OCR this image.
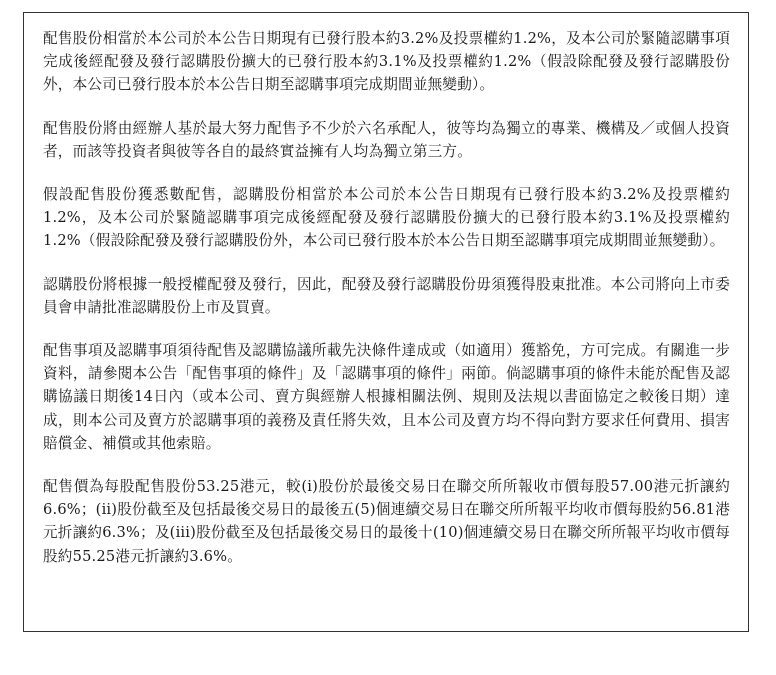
配售股份相當於本公司於本公告日期現有已發行股本約3.2%及投票權約1.2%，及本公司於緊隨認購事項完成後經配發及發行認購股份擴大的已發行股本約3.1%及投票權約1.2%（假設除配發及發行認購股份外，本公司已發行股本於本公告日期至認購事項完成期間並無變動）。

配售股份將由經辦人基於最大努力配售予不少於六名承配人，彼等均為獨立的專業、機構及／或個人投資者，而該等投資者與彼等各自的最終實益擁有人均為獨立第三方。

假設配售股份獲悉數配售，認購股份相當於本公司於本公告日期現有已發行股本約3.2%及投票權約1.2%，及本公司於緊隨認購事項完成後經配發及發行認購股份擴大的已發行股本約3.1%及投票權約1.2%（假設除配發及發行認購股份外，本公司已發行股本於本公告日期至認購事項完成期間並無變動）。

認購股份將根據一般授權配發及發行，因此，配發及發行認購股份毋須獲得股東批准。本公司將向上市委員會申請批准認購股份上市及買賣。

配售事項及認購事項須待配售及認購協議所載先決條件達成或（如適用）獲豁免，方可完成。有關進一步資料，請參閱本公告「配售事項的條件」及「認購事項的條件」兩節。倘認購事項的條件未能於配售及認購協議日期後14日內（或本公司、賣方與經辦人根據相關法例、規則及法規以書面協定之較後日期）達成，則本公司及賣方於認購事項的義務及責任將失效，且本公司及賣方均不得向對方要求任何費用、損害賠償金、補償或其他索賠。

配售價為每股配售股份53.25港元，較(i)股份於最後交易日在聯交所所報收市價每股57.00港元折讓約6.6%；(ii)股份截至及包括最後交易日的最後五(5)個連續交易日在聯交所所報平均收市價每股約56.81港元折讓約6.3%；及(iii)股份截至及包括最後交易日的最後十(10)個連續交易日在聯交所所報平均收市價每股約55.25港元折讓約3.6%。
